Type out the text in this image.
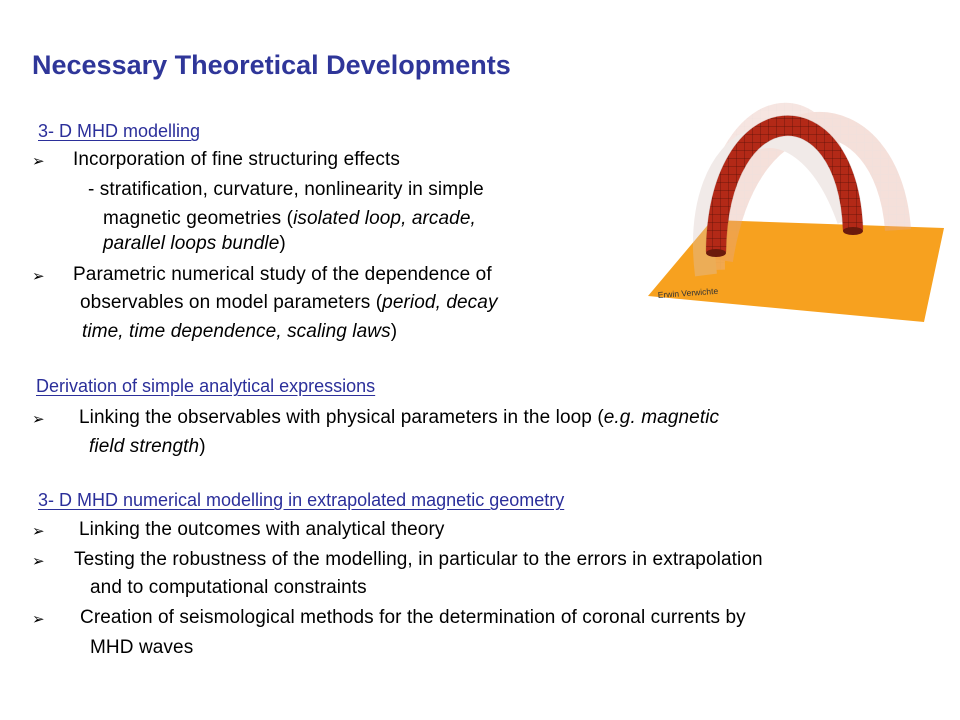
Necessary Theoretical Developments
3- D MHD modelling
➢ Incorporation of fine structuring effects
- stratification, curvature, nonlinearity in simple
magnetic geometries (isolated loop, arcade,
parallel loops bundle)
➢ Parametric numerical study of the dependence of
observables on model parameters (period, decay
time, time dependence, scaling laws)
Derivation of simple analytical expressions
➢ Linking the observables with physical parameters in the loop (e.g. magnetic
field strength)
3- D MHD numerical modelling in extrapolated magnetic geometry
➢ Linking the outcomes with analytical theory
➢ Testing the robustness of the modelling, in particular to the errors in extrapolation
and to computational constraints
➢ Creation of seismological methods for the determination of coronal currents by
MHD waves
Erwin Verwichte
